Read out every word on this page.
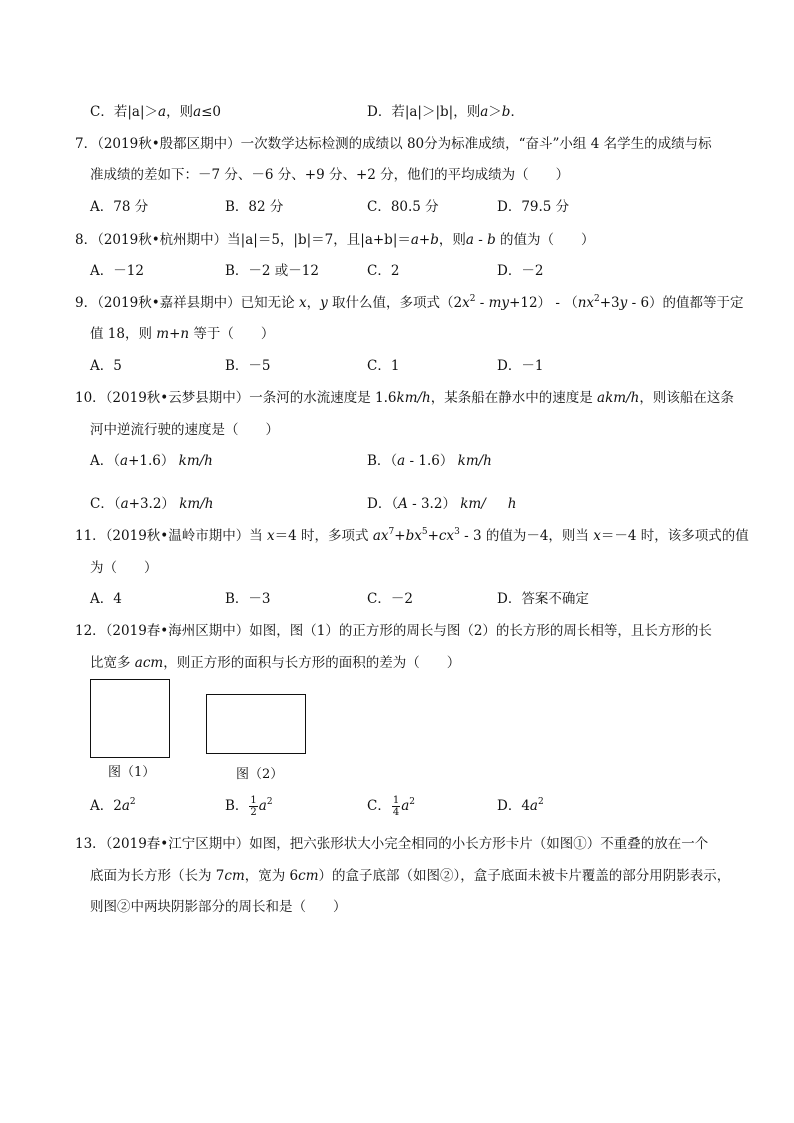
C．若|a|＞a，则a≤0	D．若|a|＞|b|，则a＞b．
7．（2019秋•殷都区期中）一次数学达标检测的成绩以 80分为标准成绩，“奋斗”小组 4 名学生的成绩与标
准成绩的差如下：－7 分、－6 分、+9 分、+2 分，他们的平均成绩为（　　）
A．78 分	B．82 分	C．80.5 分	D．79.5 分
8．（2019秋•杭州期中）当|a|＝5，|b|＝7，且|a+b|＝a+b，则a - b 的值为（　　）
A．－12	B．－2 或－12	C．2	D．－2
9．（2019秋•嘉祥县期中）已知无论 x，y 取什么值，多项式$(2x^2 - my+12) - (nx^2+3y - 6)$的值都等于定
值 18，则 m+n 等于（　　）
A．5	B．－5	C．1	D．－1
10．（2019秋•云梦县期中）一条河的水流速度是 1.6km/h，某条船在静水中的速度是 akm/h，则该船在这条
河中逆流行驶的速度是（　　）
A．（a+1.6） km/h	B．（a - 1.6） km/h
C．（a+3.2） km/h	D．（A - 3.2） km/ h
11．（2019秋•温岭市期中）当 x＝4 时，多项式 $ax^7+bx^5+cx^3 - 3$ 的值为－4，则当 x＝－4 时，该多项式的值
为（　　）
A．4	B．－3	C．－2	D．答案不确定
12．（2019春•海州区期中）如图，图（1）的正方形的周长与图（2）的长方形的周长相等，且长方形的长
比宽多 acm，则正方形的面积与长方形的面积的差为（　　）
图（1）	图（2）
A．$2a^2$	B． $\frac{1}{2} a^2$	C． $\frac{1}{4} a^2$	D．$4a^2$
13．（2019春•江宁区期中）如图，把六张形状大小完全相同的小长方形卡片（如图①）不重叠的放在一个
底面为长方形（长为 7cm，宽为 6cm）的盒子底部（如图②），盒子底面未被卡片覆盖的部分用阴影表示，
则图②中两块阴影部分的周长和是（　　）
